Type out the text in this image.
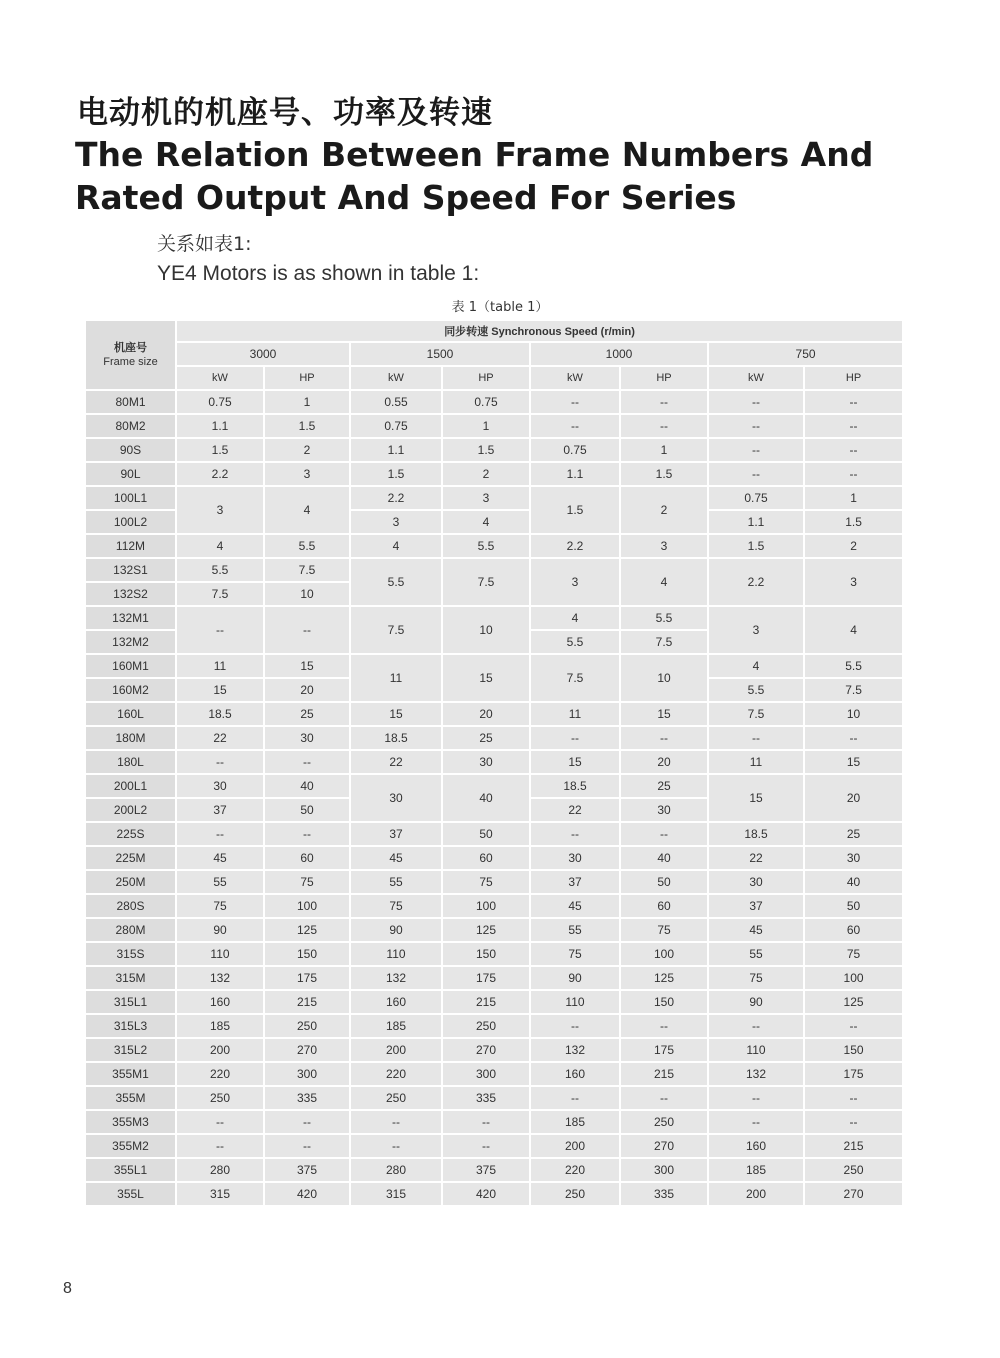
电动机的机座号、功率及转速
The Relation Between Frame Numbers And
Rated Output And Speed For Series
关系如表1:
YE4 Motors is as shown in table 1:
表 1（table 1）
机座号
Frame size	同步转速 Synchronous Speed (r/min)							
	3000		1500		1000		750	
	kW	HP	kW	HP	kW	HP	kW	HP
80M1	0.75	1	0.55	0.75	--	--	--	--
80M2	1.1	1.5	0.75	1	--	--	--	--
90S	1.5	2	1.1	1.5	0.75	1	--	--
90L	2.2	3	1.5	2	1.1	1.5	--	--
100L1	3	4	2.2	3	1.5	2	0.75	1
100L2			3	4			1.1	1.5
112M	4	5.5	4	5.5	2.2	3	1.5	2
132S1	5.5	7.5	5.5	7.5	3	4	2.2	3
132S2	7.5	10						
132M1	--	--	7.5	10	4	5.5	3	4
132M2					5.5	7.5		
160M1	11	15	11	15	7.5	10	4	5.5
160M2	15	20					5.5	7.5
160L	18.5	25	15	20	11	15	7.5	10
180M	22	30	18.5	25	--	--	--	--
180L	--	--	22	30	15	20	11	15
200L1	30	40	30	40	18.5	25	15	20
200L2	37	50			22	30		
225S	--	--	37	50	--	--	18.5	25
225M	45	60	45	60	30	40	22	30
250M	55	75	55	75	37	50	30	40
280S	75	100	75	100	45	60	37	50
280M	90	125	90	125	55	75	45	60
315S	110	150	110	150	75	100	55	75
315M	132	175	132	175	90	125	75	100
315L1	160	215	160	215	110	150	90	125
315L3	185	250	185	250	--	--	--	--
315L2	200	270	200	270	132	175	110	150
355M1	220	300	220	300	160	215	132	175
355M	250	335	250	335	--	--	--	--
355M3	--	--	--	--	185	250	--	--
355M2	--	--	--	--	200	270	160	215
355L1	280	375	280	375	220	300	185	250
355L	315	420	315	420	250	335	200	270
8
